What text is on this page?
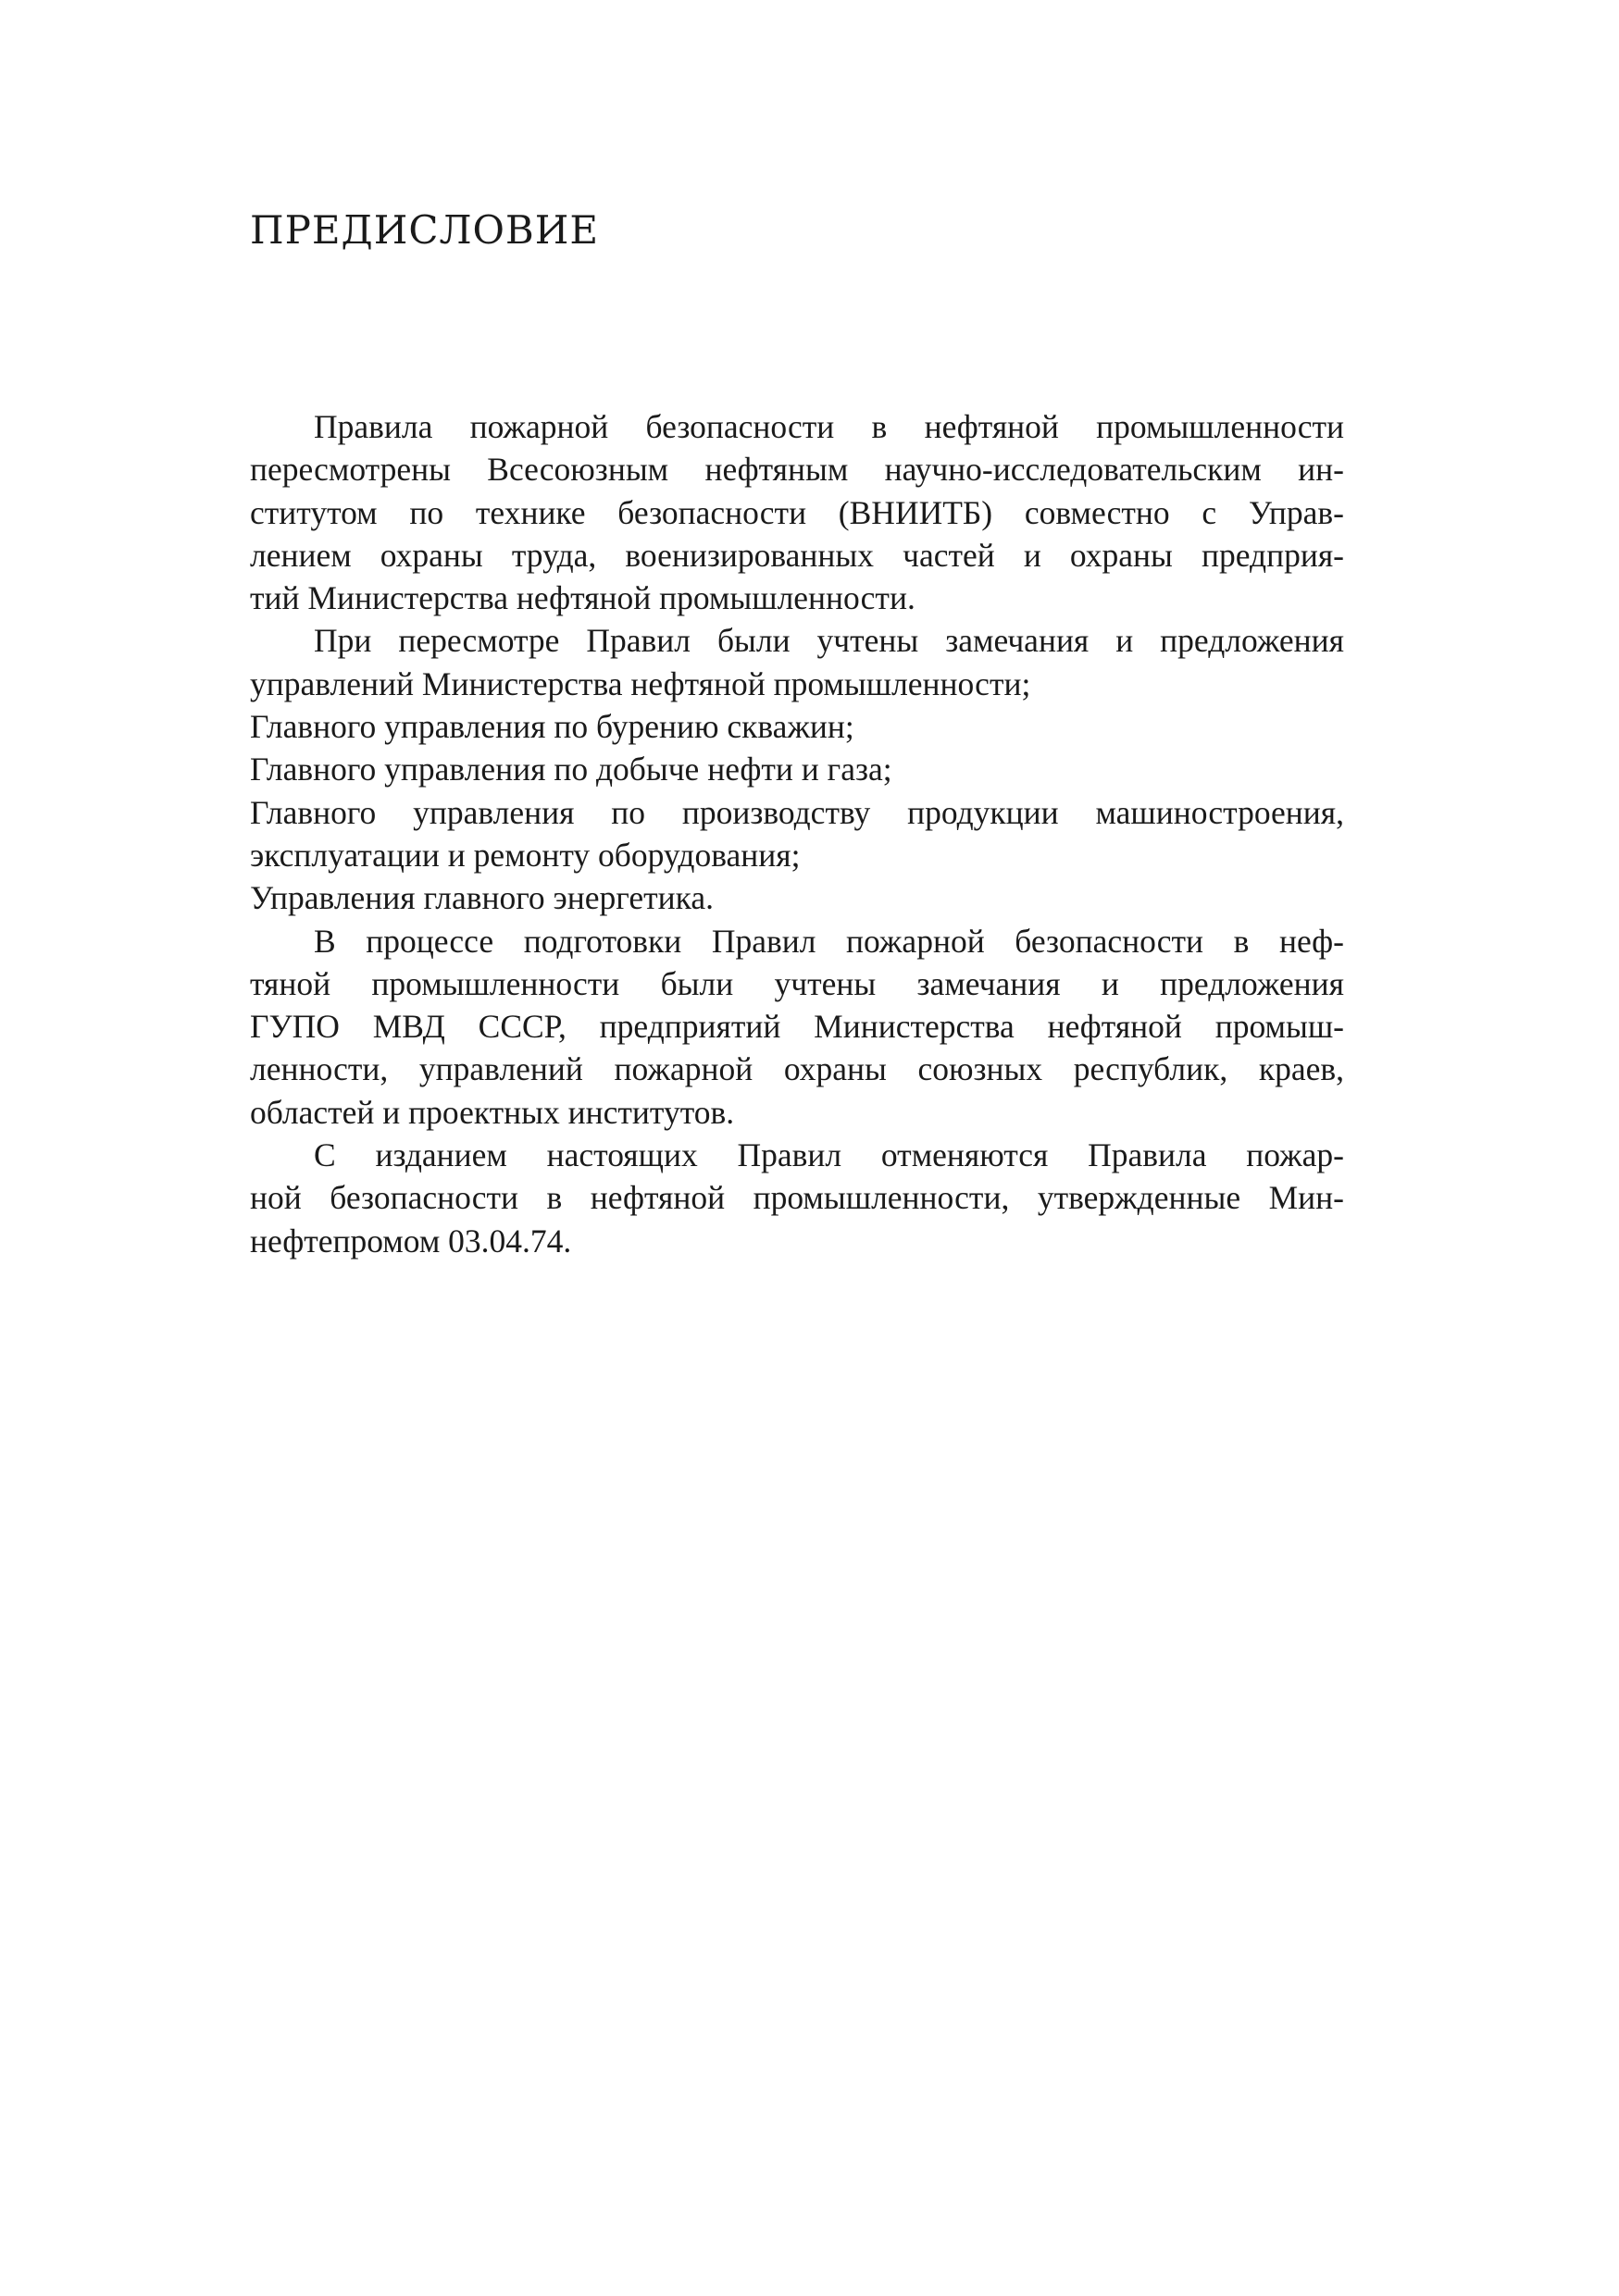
ПРЕДИСЛОВИЕ
Правила пожарной безопасности в нефтяной промышленности
пересмотрены Всесоюзным нефтяным научно-исследовательским ин-
ститутом по технике безопасности (ВНИИТБ) совместно с Управ-
лением охраны труда, военизированных частей и охраны предприя-
тий Министерства нефтяной промышленности.
При пересмотре Правил были учтены замечания и предложения
управлений Министерства нефтяной промышленности;
Главного управления по бурению скважин;
Главного управления по добыче нефти и газа;
Главного управления по производству продукции машиностроения,
эксплуатации и ремонту оборудования;
Управления главного энергетика.
В процессе подготовки Правил пожарной безопасности в неф-
тяной промышленности были учтены замечания и предложения
ГУПО МВД СССР, предприятий Министерства нефтяной промыш-
ленности, управлений пожарной охраны союзных республик, краев,
областей и проектных институтов.
С изданием настоящих Правил отменяются Правила пожар-
ной безопасности в нефтяной промышленности, утвержденные Мин-
нефтепромом 03.04.74.
